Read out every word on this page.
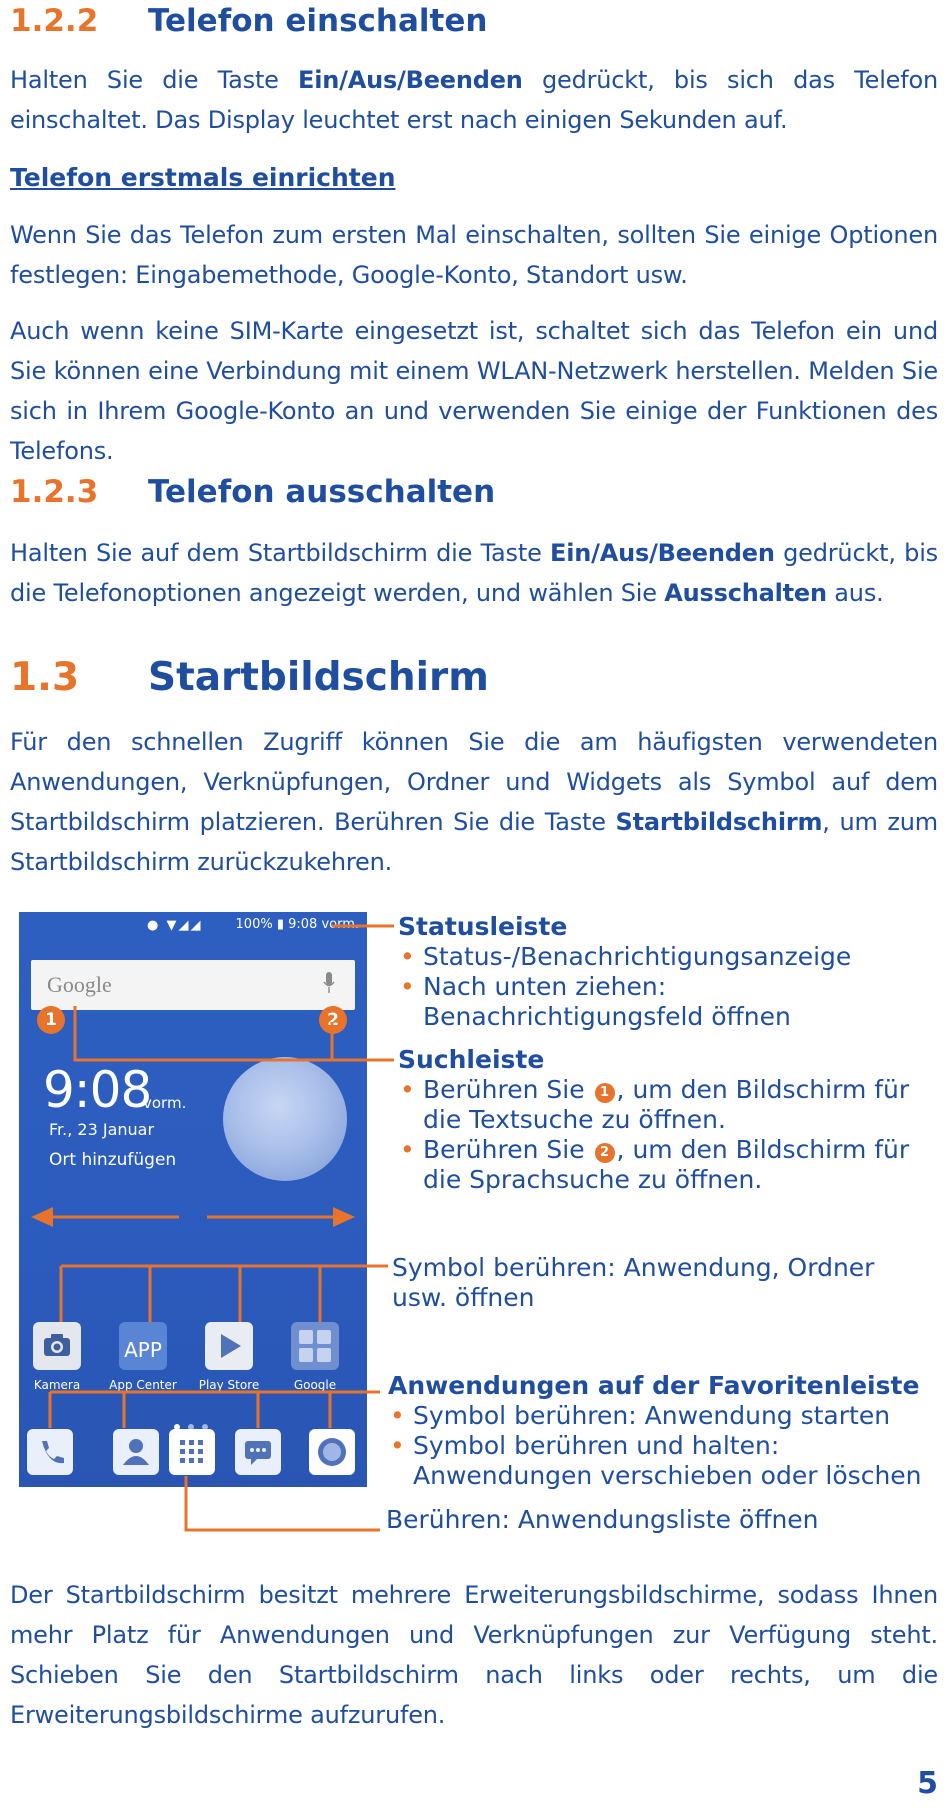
1.2.2 Telefon einschalten

Halten Sie die Taste Ein/Aus/Beenden gedrückt, bis sich das Telefon einschaltet. Das Display leuchtet erst nach einigen Sekunden auf.

Telefon erstmals einrichten

Wenn Sie das Telefon zum ersten Mal einschalten, sollten Sie einige Optionen festlegen: Eingabemethode, Google-Konto, Standort usw.

Auch wenn keine SIM-Karte eingesetzt ist, schaltet sich das Telefon ein und Sie können eine Verbindung mit einem WLAN-Netzwerk herstellen. Melden Sie sich in Ihrem Google-Konto an und verwenden Sie einige der Funktionen des Telefons.

1.2.3 Telefon ausschalten

Halten Sie auf dem Startbildschirm die Taste Ein/Aus/Beenden gedrückt, bis die Telefonoptionen angezeigt werden, und wählen Sie Ausschalten aus.

1.3 Startbildschirm

Für den schnellen Zugriff können Sie die am häufigsten verwendeten Anwendungen, Verknüpfungen, Ordner und Widgets als Symbol auf dem Startbildschirm platzieren. Berühren Sie die Taste Startbildschirm, um zum Startbildschirm zurückzukehren.

● ▼◢◢	100% ▮ 9:08 vorm.
Google
1	2
9:08
vorm.
Fr., 23 Januar
Ort hinzufügen
Kamera
APP
App Center	Play Store	Google
Statusleiste
• Status-/Benachrichtigungsanzeige
• Nach unten ziehen: Benachrichtigungsfeld öffnen
Suchleiste
• Berühren Sie 1 , um den Bildschirm für die Textsuche zu öffnen.
• Berühren Sie 2 , um den Bildschirm für die Sprachsuche zu öffnen.
Symbol berühren: Anwendung, Ordner usw. öffnen
Anwendungen auf der Favoritenleiste
• Symbol berühren: Anwendung starten
• Symbol berühren und halten: Anwendungen verschieben oder löschen
Berühren: Anwendungsliste öffnen

Der Startbildschirm besitzt mehrere Erweiterungsbildschirme, sodass Ihnen mehr Platz für Anwendungen und Verknüpfungen zur Verfügung steht. Schieben Sie den Startbildschirm nach links oder rechts, um die Erweiterungsbildschirme aufzurufen.

5
